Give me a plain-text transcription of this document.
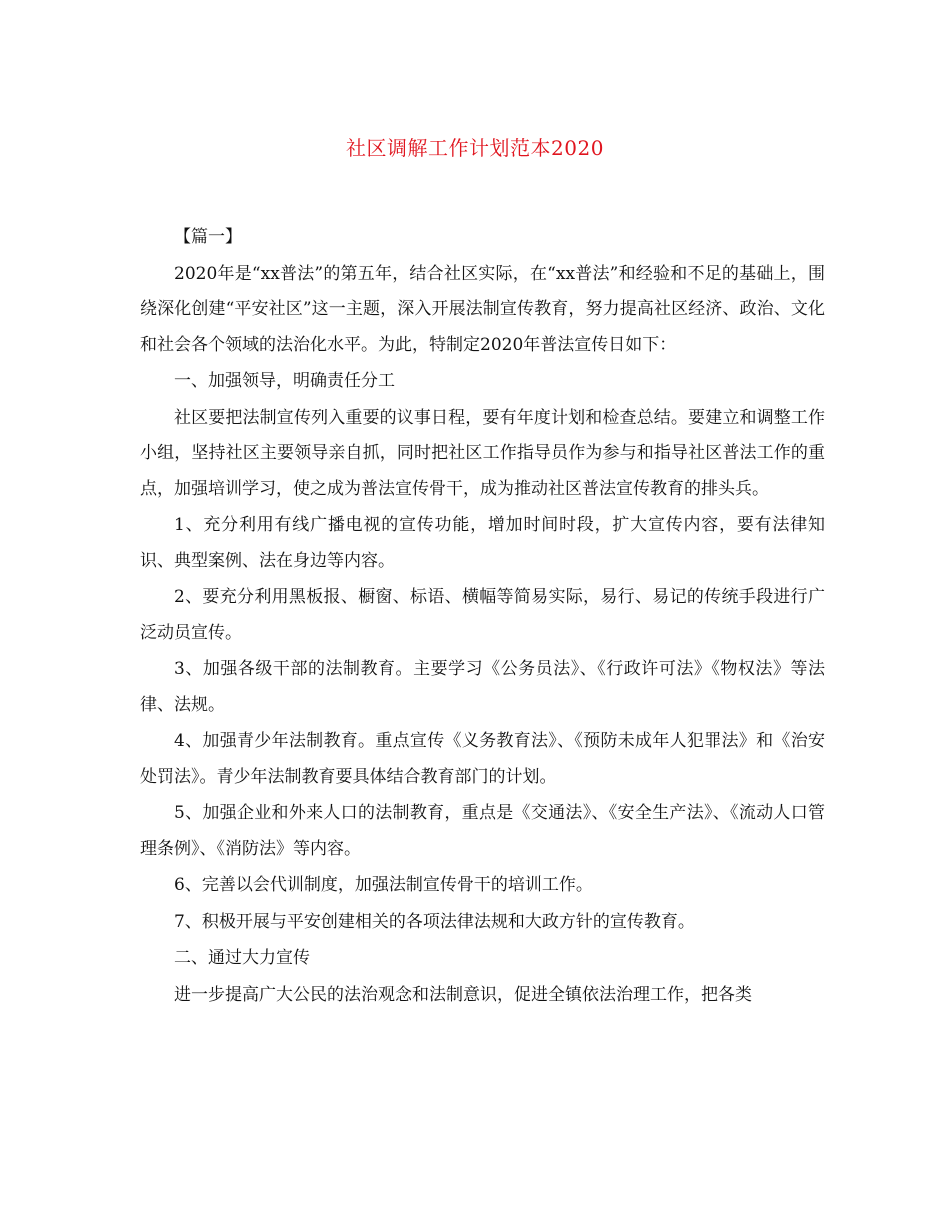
社区调解工作计划范本2020

【篇一】

2020年是“xx普法”的第五年，结合社区实际，在“xx普法”和经验和不足的基础上，围绕深化创建“平安社区”这一主题，深入开展法制宣传教育，努力提高社区经济、政治、文化和社会各个领域的法治化水平。为此，特制定2020年普法宣传日如下：

一、加强领导，明确责任分工

社区要把法制宣传列入重要的议事日程，要有年度计划和检查总结。要建立和调整工作小组，坚持社区主要领导亲自抓，同时把社区工作指导员作为参与和指导社区普法工作的重点，加强培训学习，使之成为普法宣传骨干，成为推动社区普法宣传教育的排头兵。

1、充分利用有线广播电视的宣传功能，增加时间时段，扩大宣传内容，要有法律知识、典型案例、法在身边等内容。

2、要充分利用黑板报、橱窗、标语、横幅等简易实际，易行、易记的传统手段进行广泛动员宣传。

3、加强各级干部的法制教育。主要学习《公务员法》、《行政许可法》《物权法》等法律、法规。

4、加强青少年法制教育。重点宣传《义务教育法》、《预防未成年人犯罪法》和《治安处罚法》。青少年法制教育要具体结合教育部门的计划。

5、加强企业和外来人口的法制教育，重点是《交通法》、《安全生产法》、《流动人口管理条例》、《消防法》等内容。

6、完善以会代训制度，加强法制宣传骨干的培训工作。

7、积极开展与平安创建相关的各项法律法规和大政方针的宣传教育。

二、通过大力宣传

进一步提高广大公民的法治观念和法制意识，促进全镇依法治理工作，把各类
